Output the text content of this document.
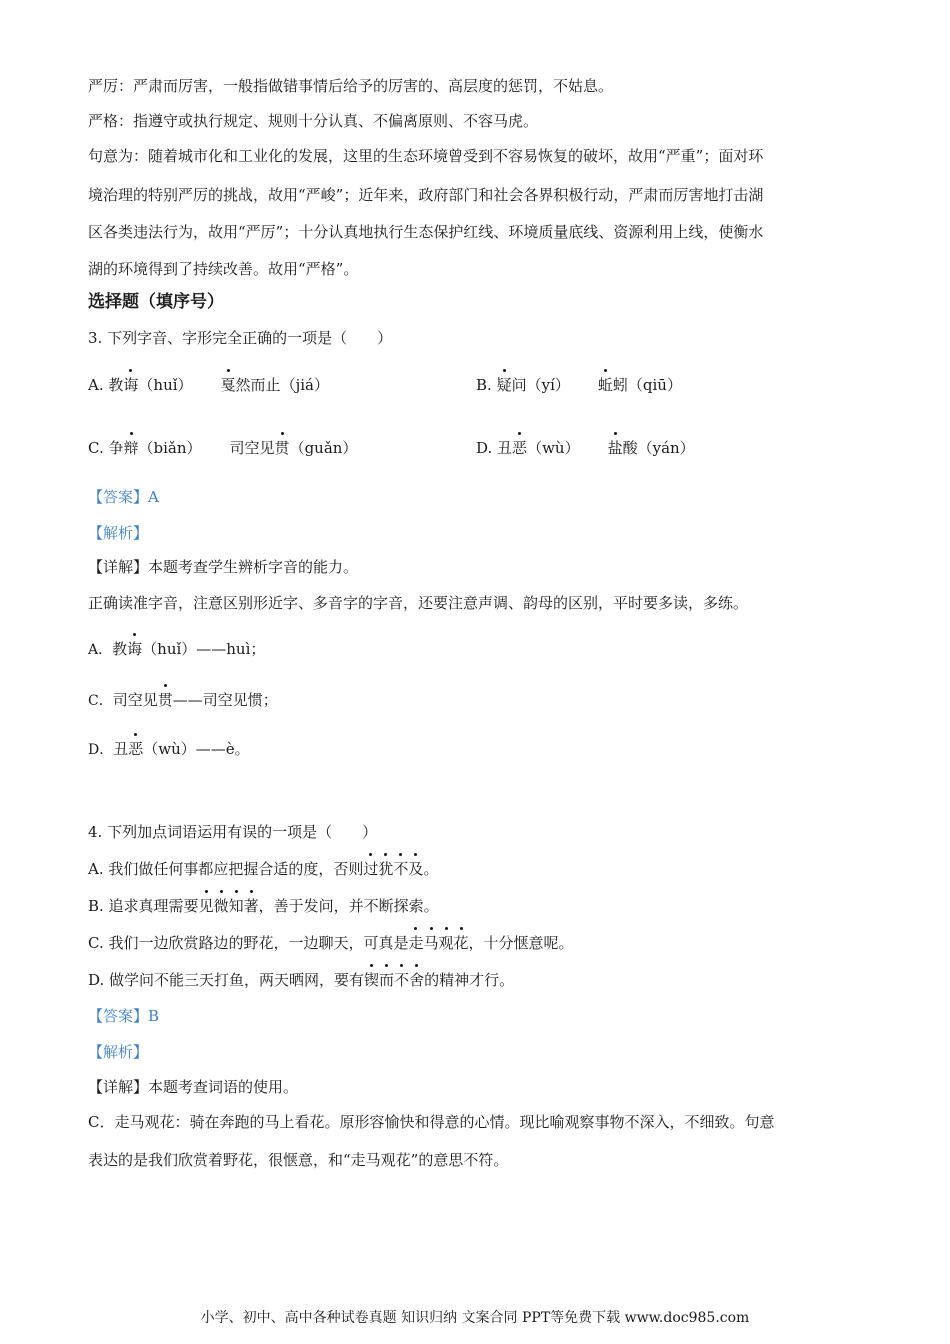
严厉：严肃而厉害，一般指做错事情后给予的厉害的、高层度的惩罚，不姑息。
严格：指遵守或执行规定、规则十分认真、不偏离原则、不容马虎。
句意为：随着城市化和工业化的发展，这里的生态环境曾受到不容易恢复的破坏，故用“严重”；面对环
境治理的特别严厉的挑战，故用“严峻”；近年来，政府部门和社会各界积极行动，严肃而厉害地打击湖
区各类违法行为，故用“严厉”；十分认真地执行生态保护红线、环境质量底线、资源利用上线，使衡水
湖的环境得到了持续改善。故用“严格”。
选择题（填序号）
3. 下列字音、字形完全正确的一项是（　　）
A. 教诲（huǐ） 戛然而止（jiá）	B. 疑问（yí） 蚯蚓（qiū）
C. 争辩（biǎn） 司空见贯（guǎn）	D. 丑恶（wù） 盐酸（yán）
【答案】A
【解析】
【详解】本题考查学生辨析字音的能力。
正确读准字音，注意区别形近字、多音字的字音，还要注意声调、韵母的区别，平时要多读，多练。
A．教诲（huǐ）——huì；
C．司空见贯——司空见惯；
D．丑恶（wù）——è。
4. 下列加点词语运用有误的一项是（　　）
A. 我们做任何事都应把握合适的度，否则过犹不及。
B. 追求真理需要见微知著，善于发问，并不断探索。
C. 我们一边欣赏路边的野花，一边聊天，可真是走马观花，十分惬意呢。
D. 做学问不能三天打鱼，两天晒网，要有锲而不舍的精神才行。
【答案】B
【解析】
【详解】本题考查词语的使用。
C．走马观花：骑在奔跑的马上看花。原形容愉快和得意的心情。现比喻观察事物不深入，不细致。句意
表达的是我们欣赏着野花，很惬意，和“走马观花”的意思不符。
小学、初中、高中各种试卷真题 知识归纳 文案合同 PPT等免费下载 www.doc985.com
